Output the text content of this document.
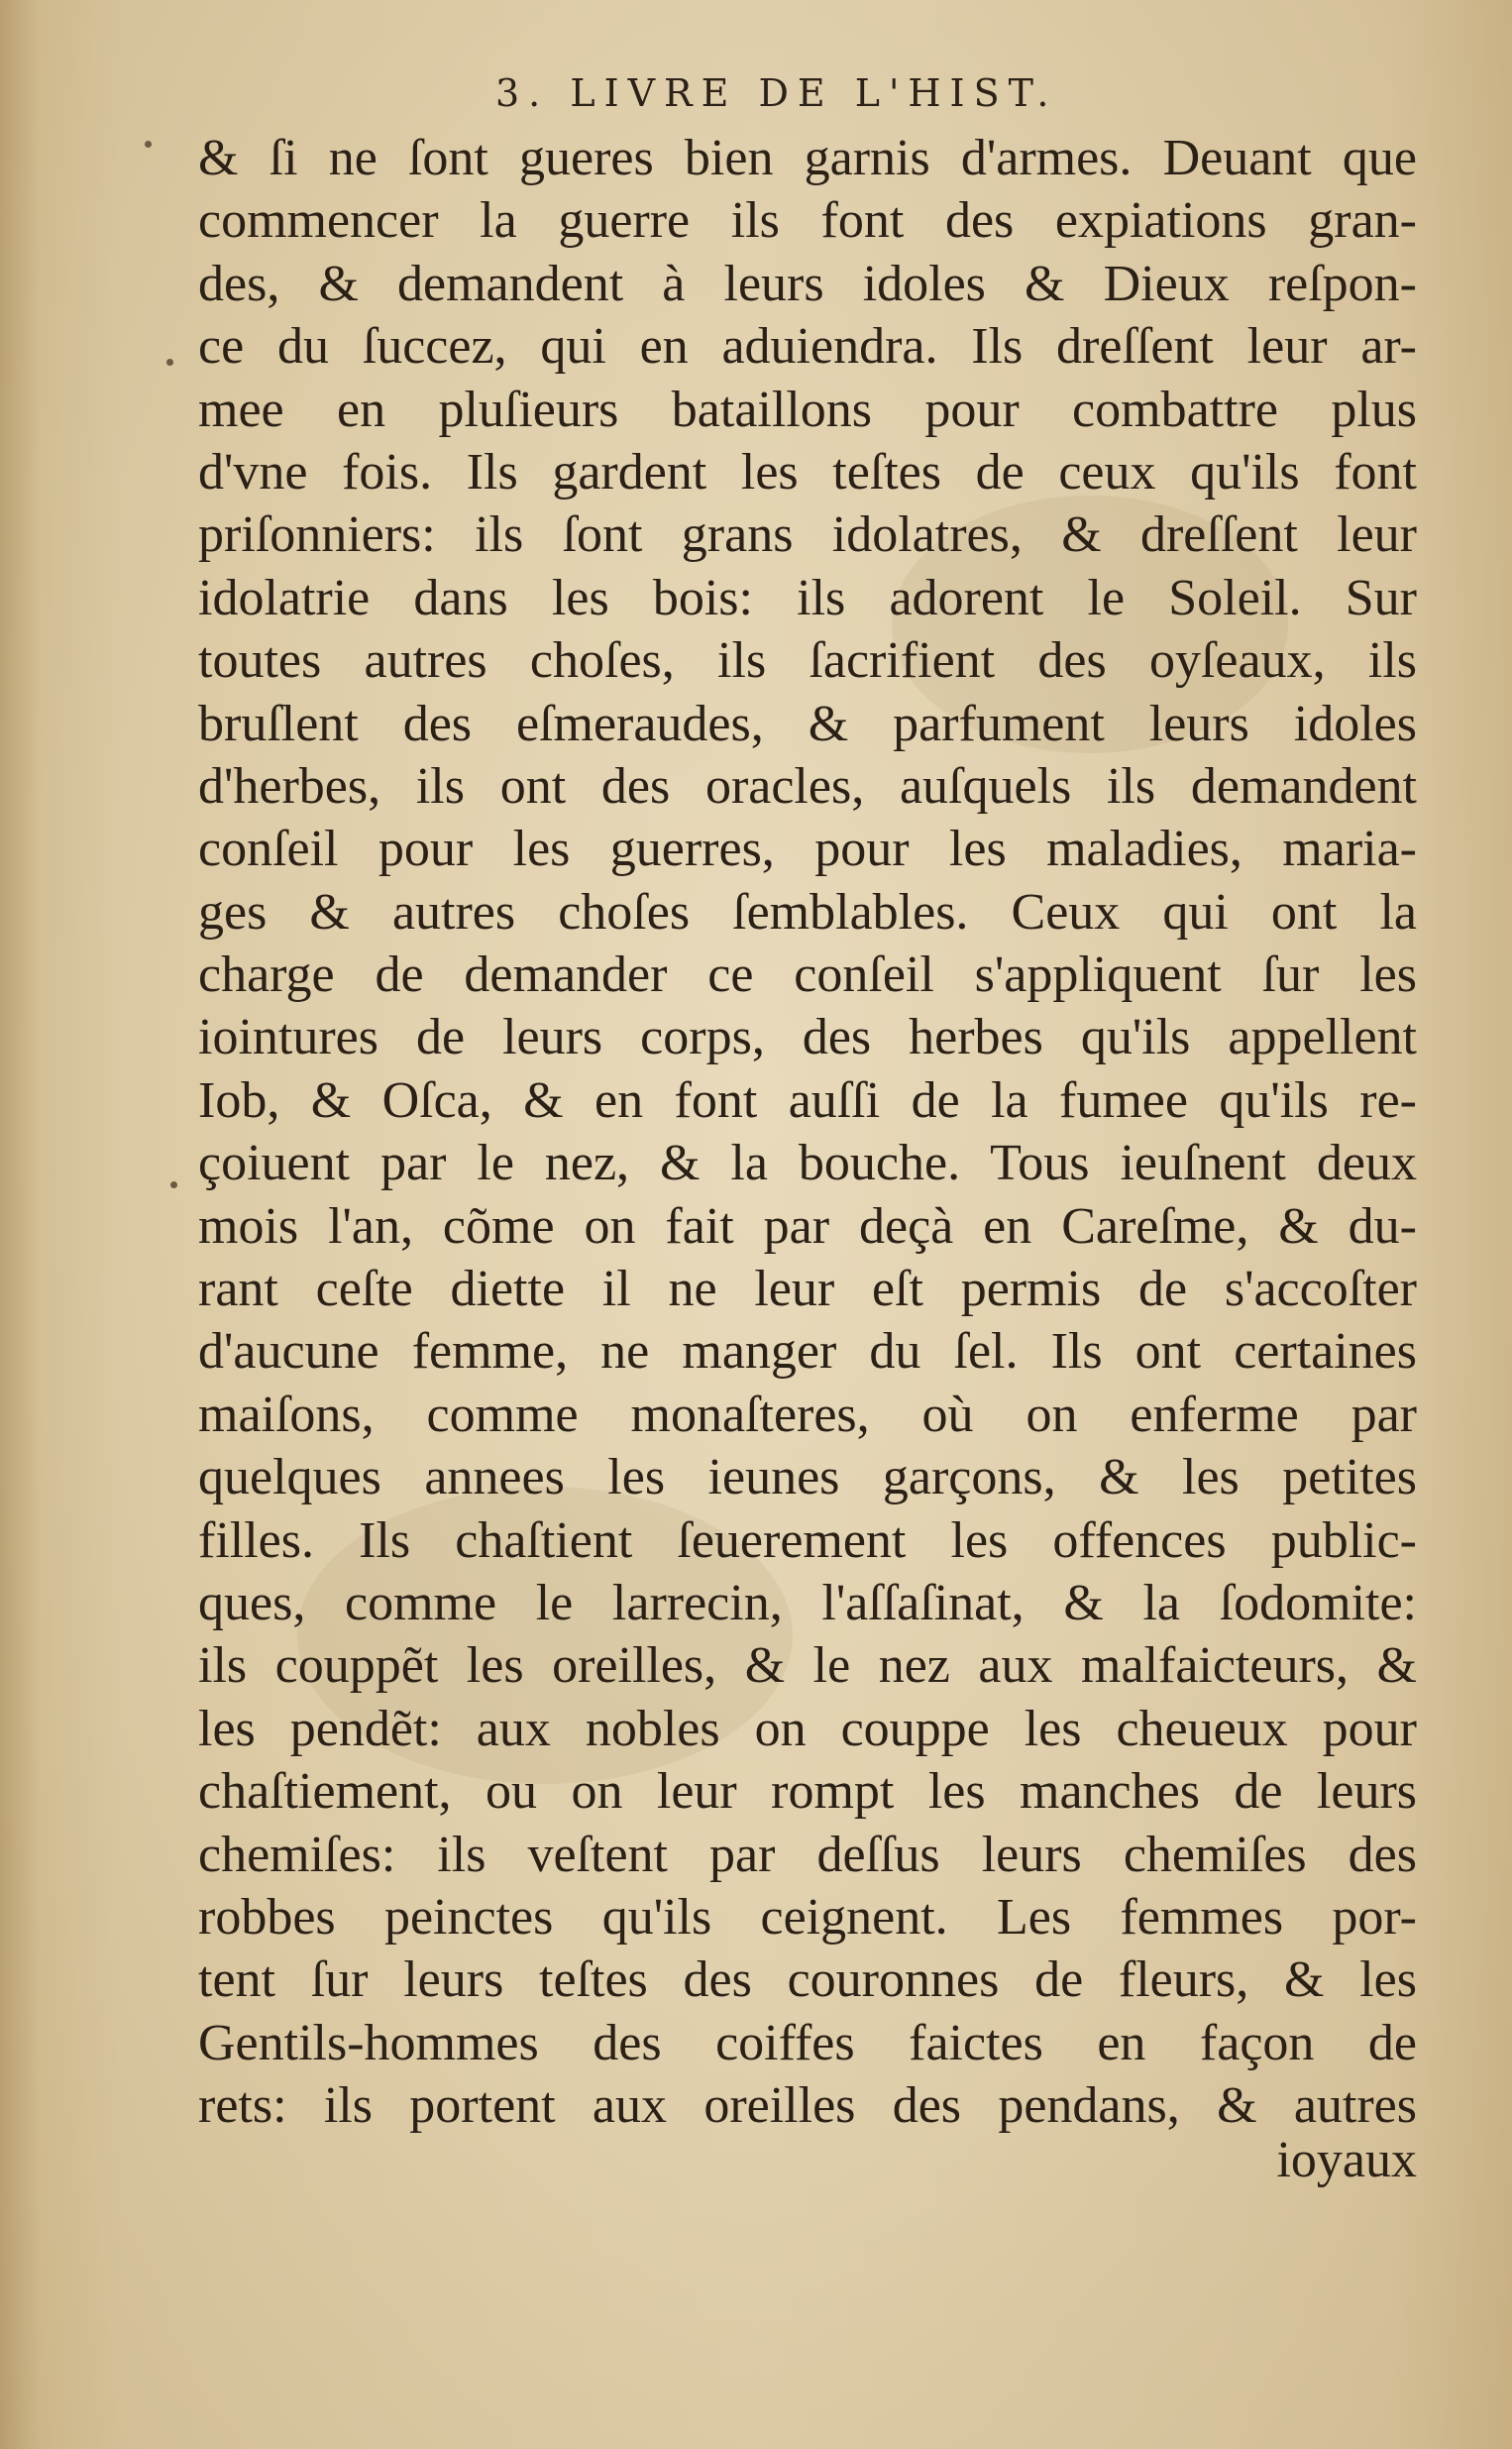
3. LIVRE DE L'HIST.
& ſi ne ſont gueres bien garnis d'armes. Deuant que
commencer la guerre ils font des expiations gran-
des, & demandent à leurs idoles & Dieux reſpon-
ce du ſuccez, qui en aduiendra. Ils dreſſent leur ar-
mee en pluſieurs bataillons pour combattre plus
d'vne fois. Ils gardent les teſtes de ceux qu'ils font
priſonniers: ils ſont grans idolatres, & dreſſent leur
idolatrie dans les bois: ils adorent le Soleil. Sur
toutes autres choſes, ils ſacrifient des oyſeaux, ils
bruſlent des eſmeraudes, & parfument leurs idoles
d'herbes, ils ont des oracles, auſquels ils demandent
conſeil pour les guerres, pour les maladies, maria-
ges & autres choſes ſemblables. Ceux qui ont la
charge de demander ce conſeil s'appliquent ſur les
iointures de leurs corps, des herbes qu'ils appellent
Iob, & Oſca, & en font auſſi de la fumee qu'ils re-
çoiuent par le nez, & la bouche. Tous ieuſnent deux
mois l'an, cõme on fait par deçà en Careſme, & du-
rant ceſte diette il ne leur eſt permis de s'accoſter
d'aucune femme, ne manger du ſel. Ils ont certaines
maiſons, comme monaſteres, où on enferme par
quelques annees les ieunes garçons, & les petites
filles. Ils chaſtient ſeuerement les offences public-
ques, comme le larrecin, l'aſſaſinat, & la ſodomite:
ils couppẽt les oreilles, & le nez aux malfaicteurs, &
les pendẽt: aux nobles on couppe les cheueux pour
chaſtiement, ou on leur rompt les manches de leurs
chemiſes: ils veſtent par deſſus leurs chemiſes des
robbes peinctes qu'ils ceignent. Les femmes por-
tent ſur leurs teſtes des couronnes de fleurs, & les
Gentils-hommes des coiffes faictes en façon de
rets: ils portent aux oreilles des pendans, & autres
ioyaux
